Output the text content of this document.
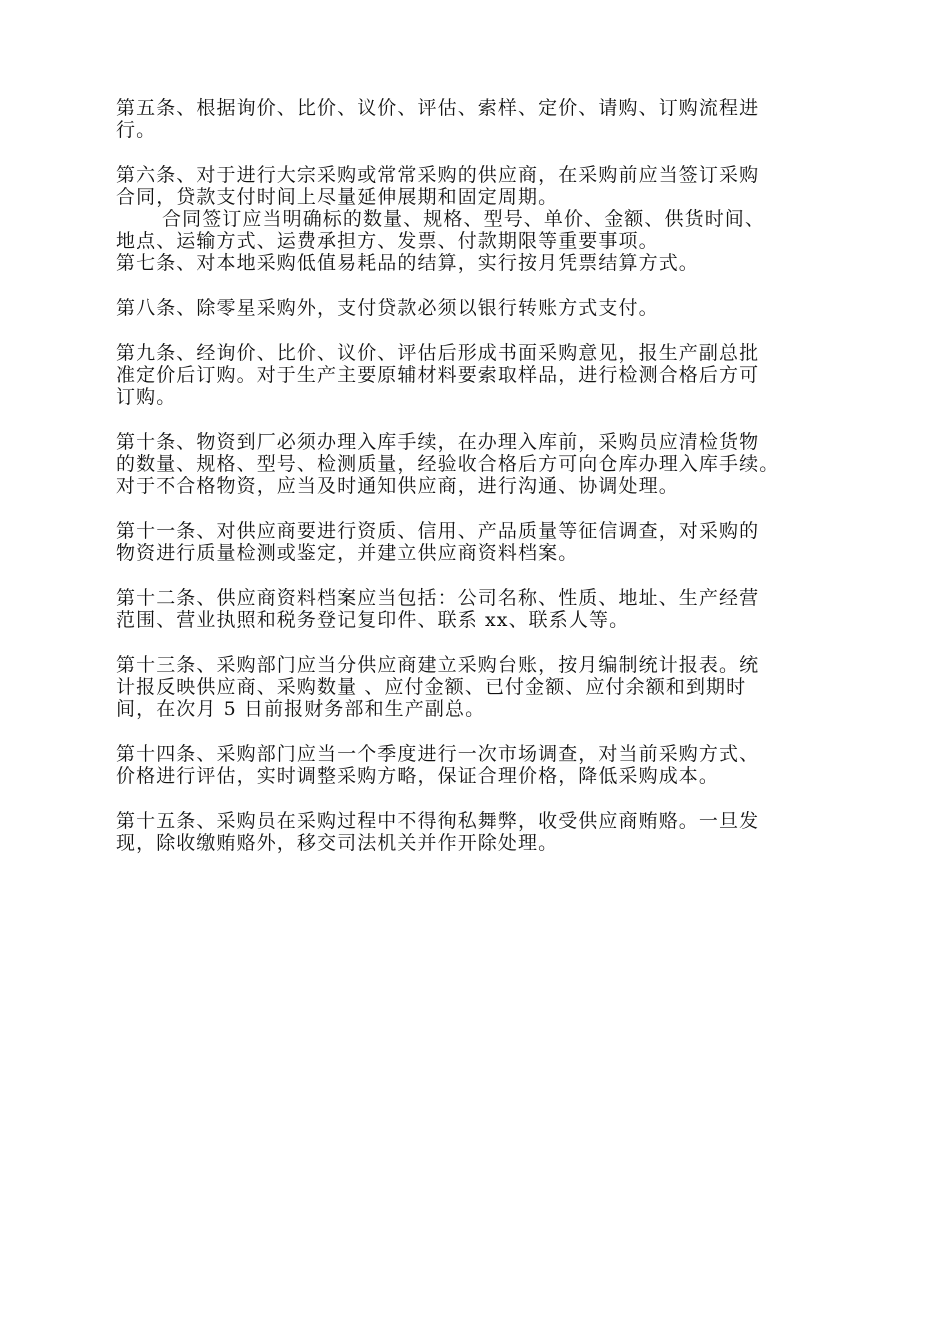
第五条、根据询价、比价、议价、评估、索样、定价、请购、订购流程进
行。

第六条、对于进行大宗采购或常常采购的供应商，在采购前应当签订采购
合同，贷款支付时间上尽量延伸展期和固定周期。
合同签订应当明确标的数量、规格、型号、单价、金额、供货时间、
地点、运输方式、运费承担方、发票、付款期限等重要事项。

第七条、对本地采购低值易耗品的结算，实行按月凭票结算方式。

第八条、除零星采购外，支付贷款必须以银行转账方式支付。

第九条、经询价、比价、议价、评估后形成书面采购意见，报生产副总批
准定价后订购。对于生产主要原辅材料要索取样品，进行检测合格后方可
订购。

第十条、物资到厂必须办理入库手续，在办理入库前，采购员应清检货物
的数量、规格、型号、检测质量，经验收合格后方可向仓库办理入库手续。
对于不合格物资，应当及时通知供应商，进行沟通、协调处理。

第十一条、对供应商要进行资质、信用、产品质量等征信调查，对采购的
物资进行质量检测或鉴定，并建立供应商资料档案。

第十二条、供应商资料档案应当包括：公司名称、性质、地址、生产经营
范围、营业执照和税务登记复印件、联系 xx、联系人等。

第十三条、采购部门应当分供应商建立采购台账，按月编制统计报表。统
计报反映供应商、采购数量 、应付金额、已付金额、应付余额和到期时
间，在次月 5 日前报财务部和生产副总。

第十四条、采购部门应当一个季度进行一次市场调查，对当前采购方式、
价格进行评估，实时调整采购方略，保证合理价格，降低采购成本。

第十五条、采购员在采购过程中不得徇私舞弊，收受供应商贿赂。一旦发
现，除收缴贿赂外，移交司法机关并作开除处理。
